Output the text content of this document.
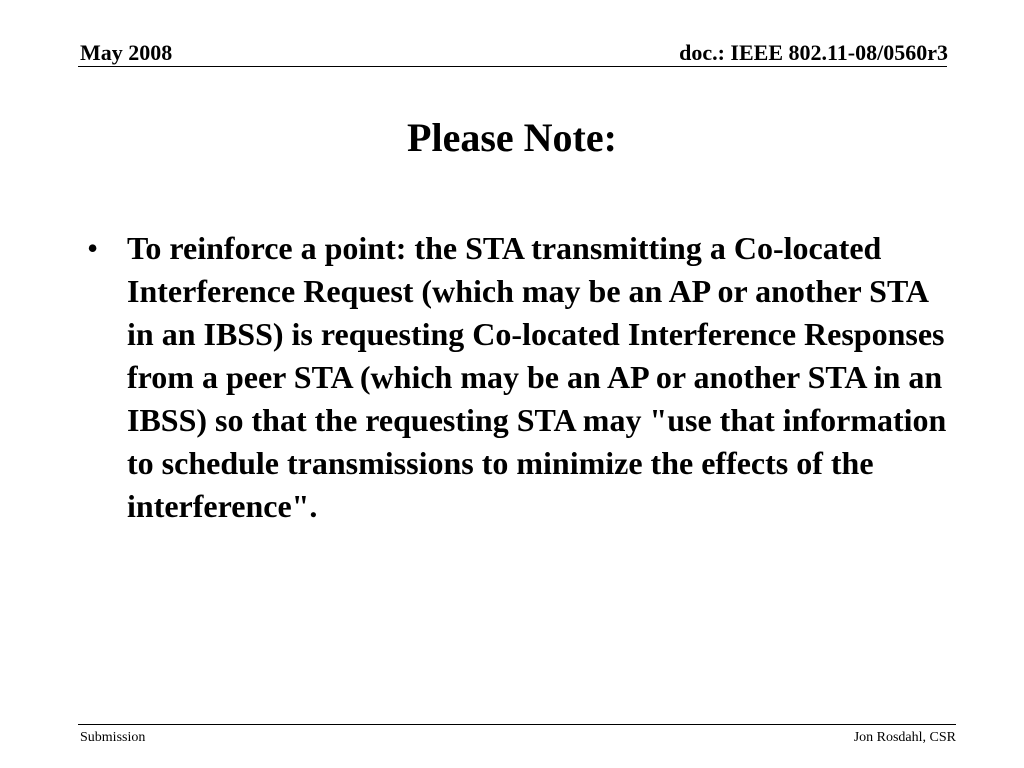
May 2008	doc.: IEEE 802.11-08/0560r3
Please Note:
• To reinforce a point: the STA transmitting a Co-located Interference Request (which may be an AP or another STA in an IBSS) is requesting Co-located Interference Responses from a peer STA (which may be an AP or another STA in an IBSS) so that the requesting STA may "use that information to schedule transmissions to minimize the effects of the interference".
Submission	Jon Rosdahl, CSR
